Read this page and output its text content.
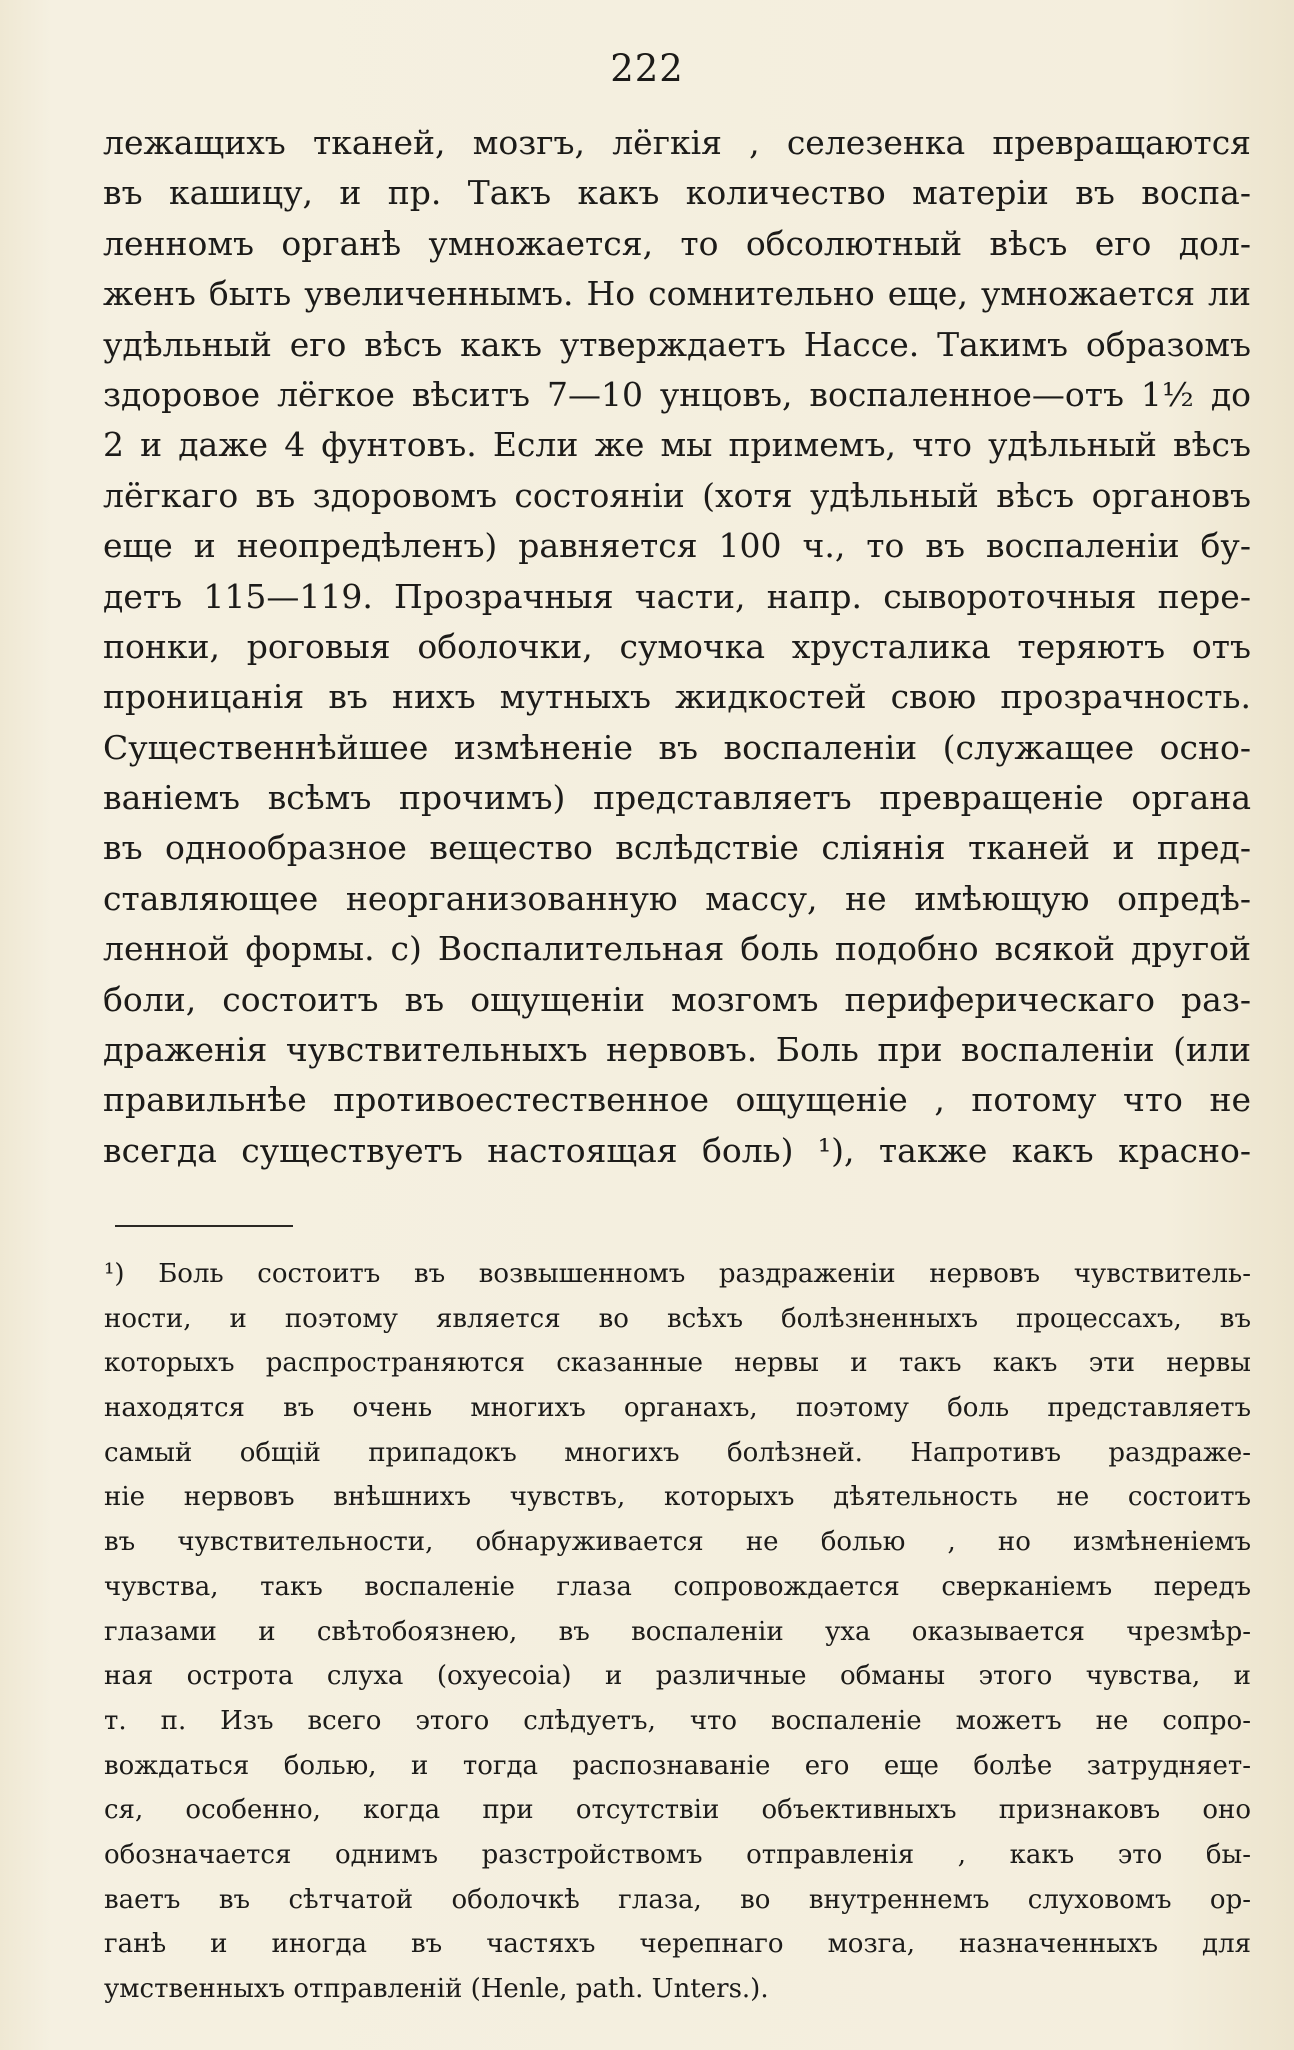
222
лежащихъ тканей, мозгъ, лёгкiя , селезенка превращаются
въ кашицу, и пр. Такъ какъ количество матерiи въ воспа-
ленномъ органѣ умножается, то обсолютный вѣсъ его дол-
женъ быть увеличеннымъ. Но сомнительно еще, умножается ли
удѣльный его вѣсъ какъ утверждаетъ Нассе. Такимъ образомъ
здоровое лёгкое вѣситъ 7—10 унцовъ, воспаленное—отъ 1½ до
2 и даже 4 фунтовъ. Если же мы примемъ, что удѣльный вѣсъ
лёгкаго въ здоровомъ состоянiи (хотя удѣльный вѣсъ органовъ
еще и неопредѣленъ) равняется 100 ч., то въ воспаленiи бу-
детъ 115—119. Прозрачныя части, напр. сывороточныя пере-
понки, роговыя оболочки, сумочка хрусталика теряютъ отъ
проницанiя въ нихъ мутныхъ жидкостей свою прозрачность.
Существеннѣйшее измѣненiе въ воспаленiи (служащее осно-
ванiемъ всѣмъ прочимъ) представляетъ превращенiе органа
въ однообразное вещество вслѣдствiе слiянiя тканей и пред-
ставляющее неорганизованную массу, не имѣющую опредѣ-
ленной формы. c) Воспалительная боль подобно всякой другой
боли, состоитъ въ ощущенiи мозгомъ периферическаго раз-
драженiя чувствительныхъ нервовъ. Боль при воспаленiи (или
правильнѣе противоестественное ощущенiе , потому что не
всегда существуетъ настоящая боль) ¹), также какъ красно-
¹) Боль состоитъ въ возвышенномъ раздраженiи нервовъ чувствитель-
ности, и поэтому является во всѣхъ болѣзненныхъ процессахъ, въ
которыхъ распространяются сказанные нервы и такъ какъ эти нервы
находятся въ очень многихъ органахъ, поэтому боль представляетъ
самый общiй припадокъ многихъ болѣзней. Напротивъ раздраже-
нiе нервовъ внѣшнихъ чувствъ, которыхъ дѣятельность не состоитъ
въ чувствительности, обнаруживается не болью , но измѣненiемъ
чувства, такъ воспаленiе глаза сопровождается сверканiемъ передъ
глазами и свѣтобоязнею, въ воспаленiи уха оказывается чрезмѣр-
ная острота слуха (oxyecoia) и различные обманы этого чувства, и
т. п. Изъ всего этого слѣдуетъ, что воспаленiе можетъ не сопро-
вождаться болью, и тогда распознаванiе его еще болѣе затрудняет-
ся, особенно, когда при отсутствiи объективныхъ признаковъ оно
обозначается однимъ разстройствомъ отправленiя , какъ это бы-
ваетъ въ сѣтчатой оболочкѣ глаза, во внутреннемъ слуховомъ ор-
ганѣ и иногда въ частяхъ черепнаго мозга, назначенныхъ для
умственныхъ отправленiй (Henle, path. Unters.).
